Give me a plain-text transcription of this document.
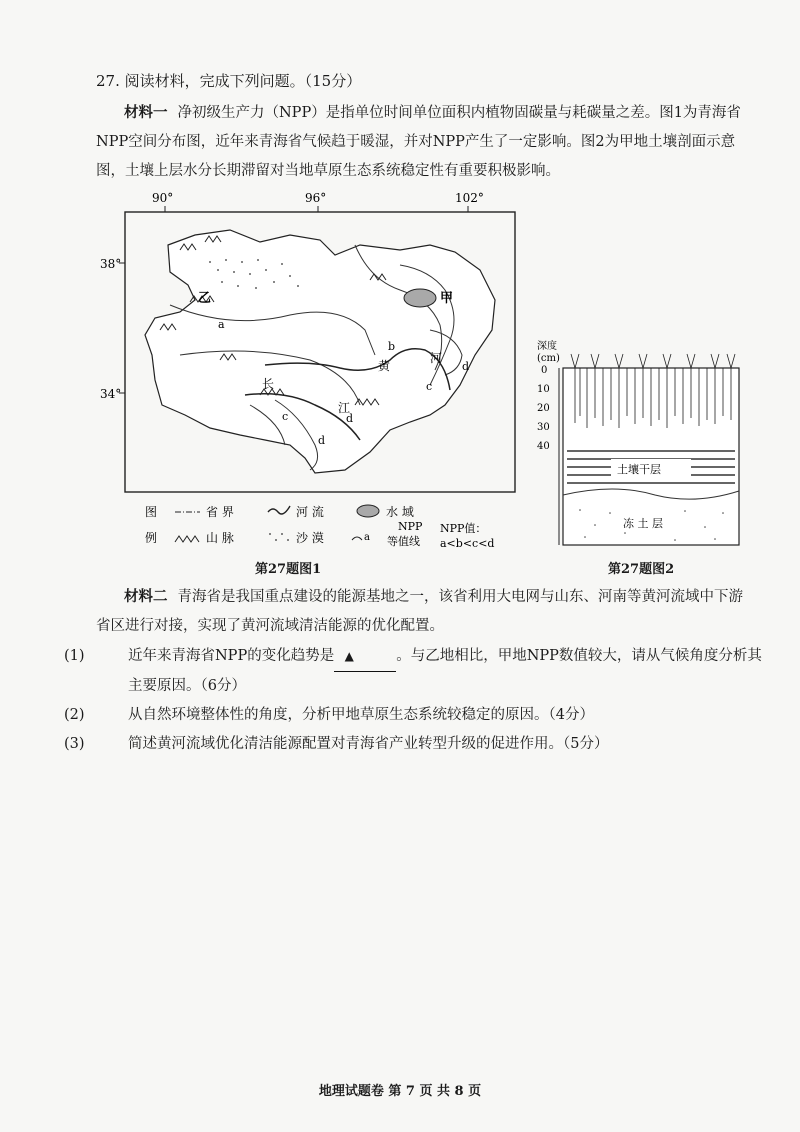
27. 阅读材料，完成下列问题。（15分）
材料一 净初级生产力（NPP）是指单位时间单位面积内植物固碳量与耗碳量之差。图1为青海省NPP空间分布图，近年来青海省气候趋于暖湿，并对NPP产生了一定影响。图2为甲地土壤剖面示意图，土壤上层水分长期滞留对当地草原生态系统稳定性有重要积极影响。
90°	96°	102°
38°
34°
乙	甲
黄
河
长
江
a
b
c
d
d
c	d
图
例
省 界	河 流	水 域
山 脉	沙 漠	a
NPP
等值线
NPP值：
a<b<c<d
第27题图1
深度
(cm)
0
10
20
30
40
土壤干层
冻 土 层
第27题图2
材料二 青海省是我国重点建设的能源基地之一，该省利用大电网与山东、河南等黄河流域中下游省区进行对接，实现了黄河流域清洁能源的优化配置。
(1)	近年来青海省NPP的变化趋势是 ▲	。与乙地相比，甲地NPP数值较大，请从气候角度分析其主要原因。（6分）
(2)	从自然环境整体性的角度，分析甲地草原生态系统较稳定的原因。（4分）
(3)	简述黄河流域优化清洁能源配置对青海省产业转型升级的促进作用。（5分）
地理试题卷 第 7 页 共 8 页
